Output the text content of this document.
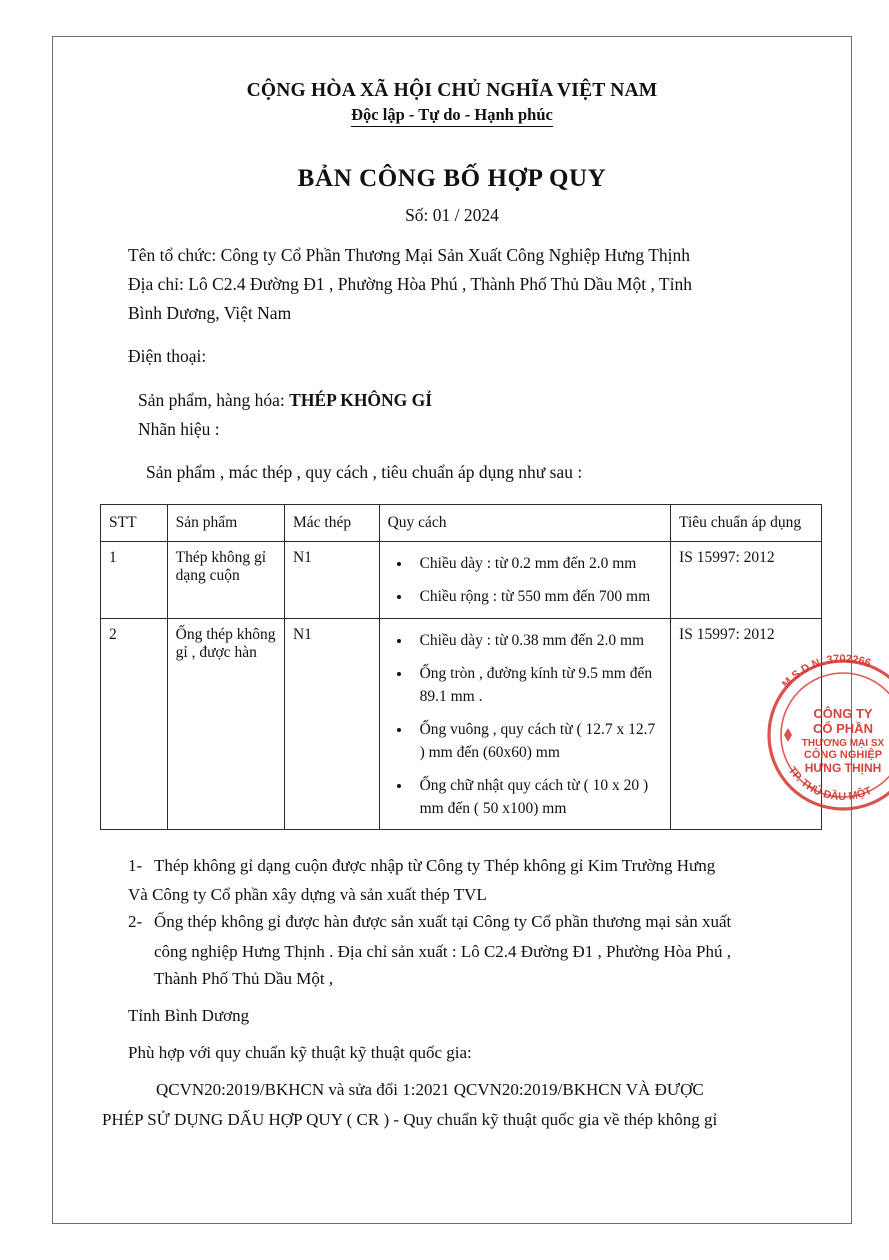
CỘNG HÒA XÃ HỘI CHỦ NGHĨA VIỆT NAM
Độc lập - Tự do - Hạnh phúc
BẢN CÔNG BỐ HỢP QUY
Số: 01 / 2024
Tên tổ chức: Công ty Cổ Phần Thương Mại Sản Xuất Công Nghiệp Hưng Thịnh
Địa chỉ: Lô C2.4 Đường Đ1 , Phường Hòa Phú , Thành Phố Thủ Dầu Một , Tỉnh
Bình Dương, Việt Nam
Điện thoại:
Sản phẩm, hàng hóa: THÉP KHÔNG GỈ
Nhãn hiệu :
Sản phẩm , mác thép , quy cách , tiêu chuẩn áp dụng như sau :
STT	Sản phẩm	Mác thép	Quy cách	Tiêu chuẩn áp dụng
1	Thép không gỉ dạng cuộn	N1	
•Chiều dày : từ 0.2 mm đến 2.0 mm
• Chiều rộng : từ 550 mm đến 700 mm
	IS 15997: 2012
2	Ống thép không gỉ , được hàn	N1	
•Chiều dày : từ 0.38 mm đến 2.0 mm
• Ống tròn , đường kính từ 9.5 mm đến 89.1 mm .
• Ống vuông , quy cách từ ( 12.7 x 12.7 ) mm đến (60x60) mm
• Ống chữ nhật quy cách từ ( 10 x 20 ) mm đến ( 50 x100) mm
	IS 15997: 2012
1- Thép không gỉ dạng cuộn được nhập từ Công ty Thép không gỉ Kim Trường Hưng
Và Công ty Cổ phần xây dựng và sản xuất thép TVL
2- Ống thép không gỉ được hàn được sản xuất tại Công ty Cổ phần thương mại sản xuất
công nghiệp Hưng Thịnh . Địa chỉ sản xuất : Lô C2.4 Đường Đ1 , Phường Hòa Phú ,
Thành Phố Thủ Dầu Một ,
Tỉnh Bình Dương
Phù hợp với quy chuẩn kỹ thuật kỹ thuật quốc gia:
QCVN20:2019/BKHCN và sửa đổi 1:2021 QCVN20:2019/BKHCN VÀ ĐƯỢC
PHÉP SỬ DỤNG DẤU HỢP QUY ( CR ) - Quy chuẩn kỹ thuật quốc gia về thép không gỉ
M.S.D.N: 3702266
TP. THỦ DẦU MỘT
CÔNG TY
CỔ PHẦN
THƯƠNG MẠI SX
CÔNG NGHIỆP
HƯNG THỊNH
